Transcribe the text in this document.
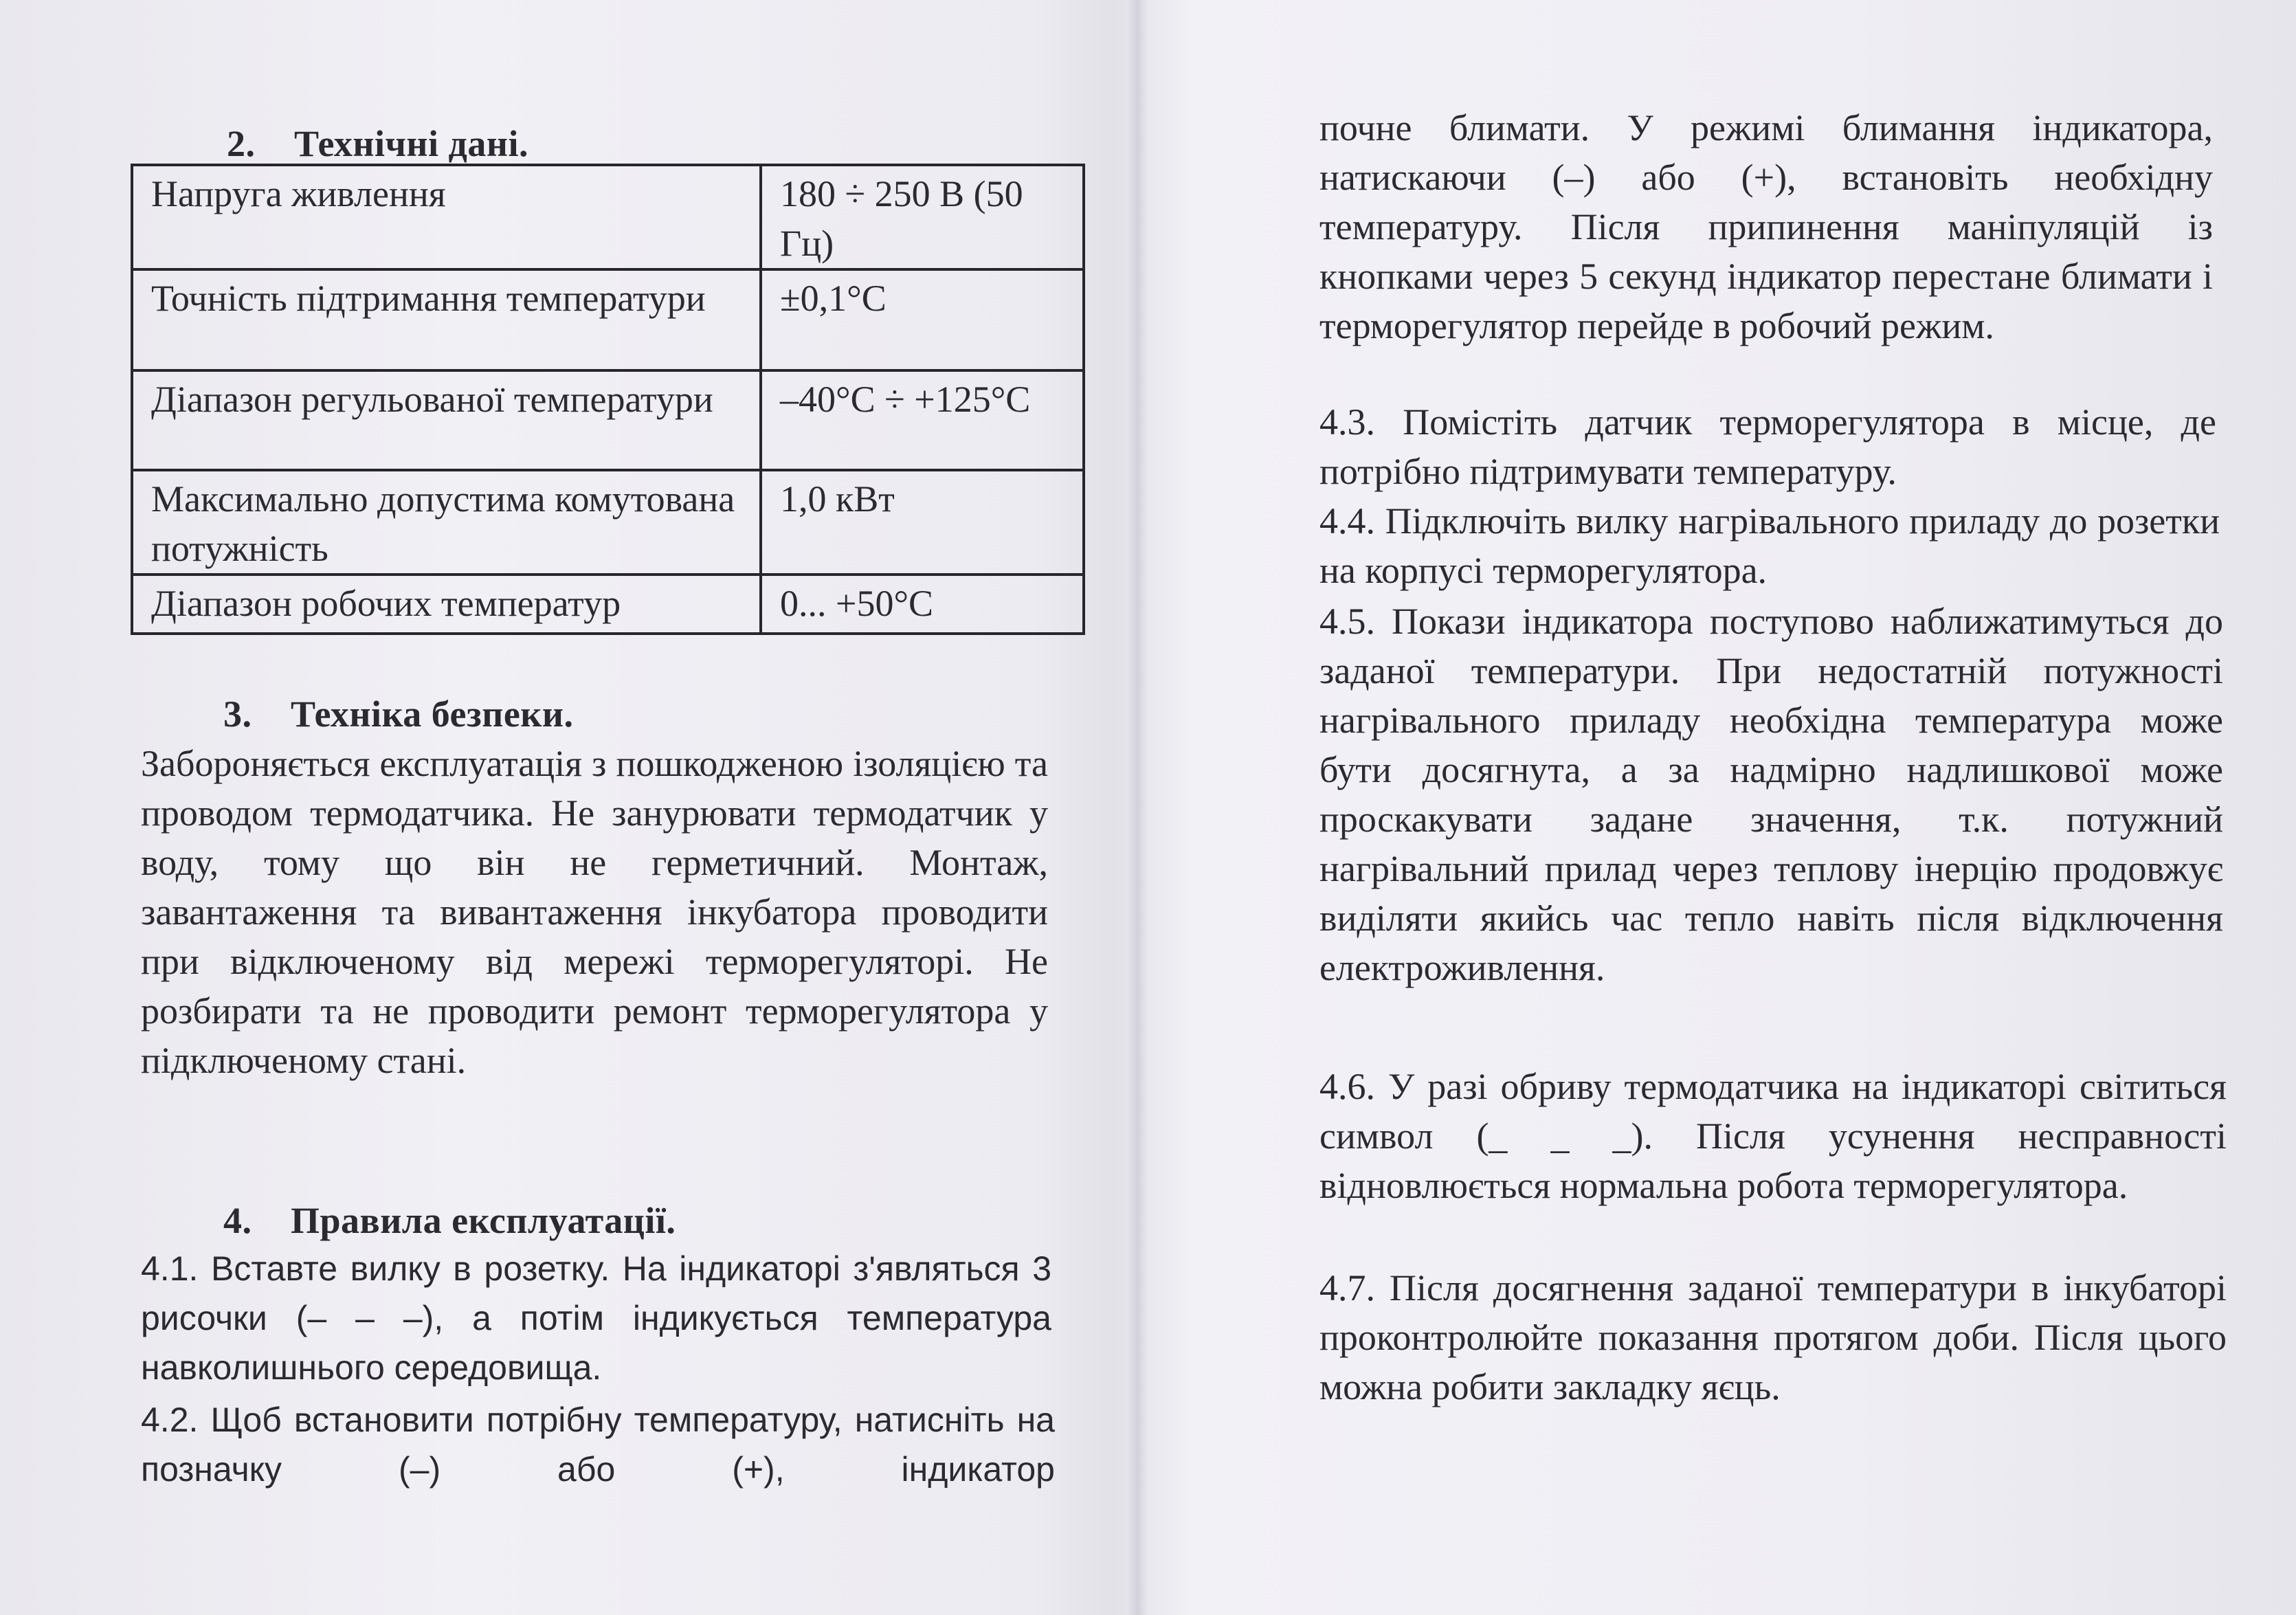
2. Технічні дані.
Напруга живлення	180 ÷ 250 В (50 Гц)
Точність підтримання температури	±0,1°С
Діапазон регульованої температури	–40°С ÷ +125°С
Максимально допустима комутована потужність	1,0 кВт
Діапазон робочих температур	0... +50°С
3. Техніка безпеки.

Забороняється експлуатація з пошкодженою ізоляцією та проводом термодатчика. Не занурювати термодатчик у воду, тому що він не герметичний. Монтаж, завантаження та вивантаження інкубатора проводити при відключеному від мережі терморегуляторі. Не розбирати та не проводити ремонт терморегулятора у підключеному стані.

4. Правила експлуатації.

4.1. Вставте вилку в розетку. На індикаторі з'являться 3 рисочки (– – –), а потім індикується температура навколишнього середовища.

4.2. Щоб встановити потрібну температуру, натисніть на позначку (–) або (+), індикатор

почне блимати. У режимі блимання індикатора, натискаючи (–) або (+), встановіть необхідну температуру. Після припинення маніпуляцій із кнопками через 5 секунд індикатор перестане блимати і терморегулятор перейде в робочий режим.

4.3. Помістіть датчик терморегулятора в місце, де потрібно підтримувати температуру.

4.4. Підключіть вилку нагрівального приладу до розетки на корпусі терморегулятора.

4.5. Покази індикатора поступово наближатимуться до заданої температури. При недостатній потужності нагрівального приладу необхідна температура може бути досягнута, а за надмірно надлишкової може проскакувати задане значення, т.к. потужний нагрівальний прилад через теплову інерцію продовжує виділяти якийсь час тепло навіть після відключення електроживлення.

4.6. У разі обриву термодатчика на індикаторі світиться символ (_ _ _). Після усунення несправності відновлюється нормальна робота терморегулятора.

4.7. Після досягнення заданої температури в інкубаторі проконтролюйте показання протягом доби. Після цього можна робити закладку яєць.
